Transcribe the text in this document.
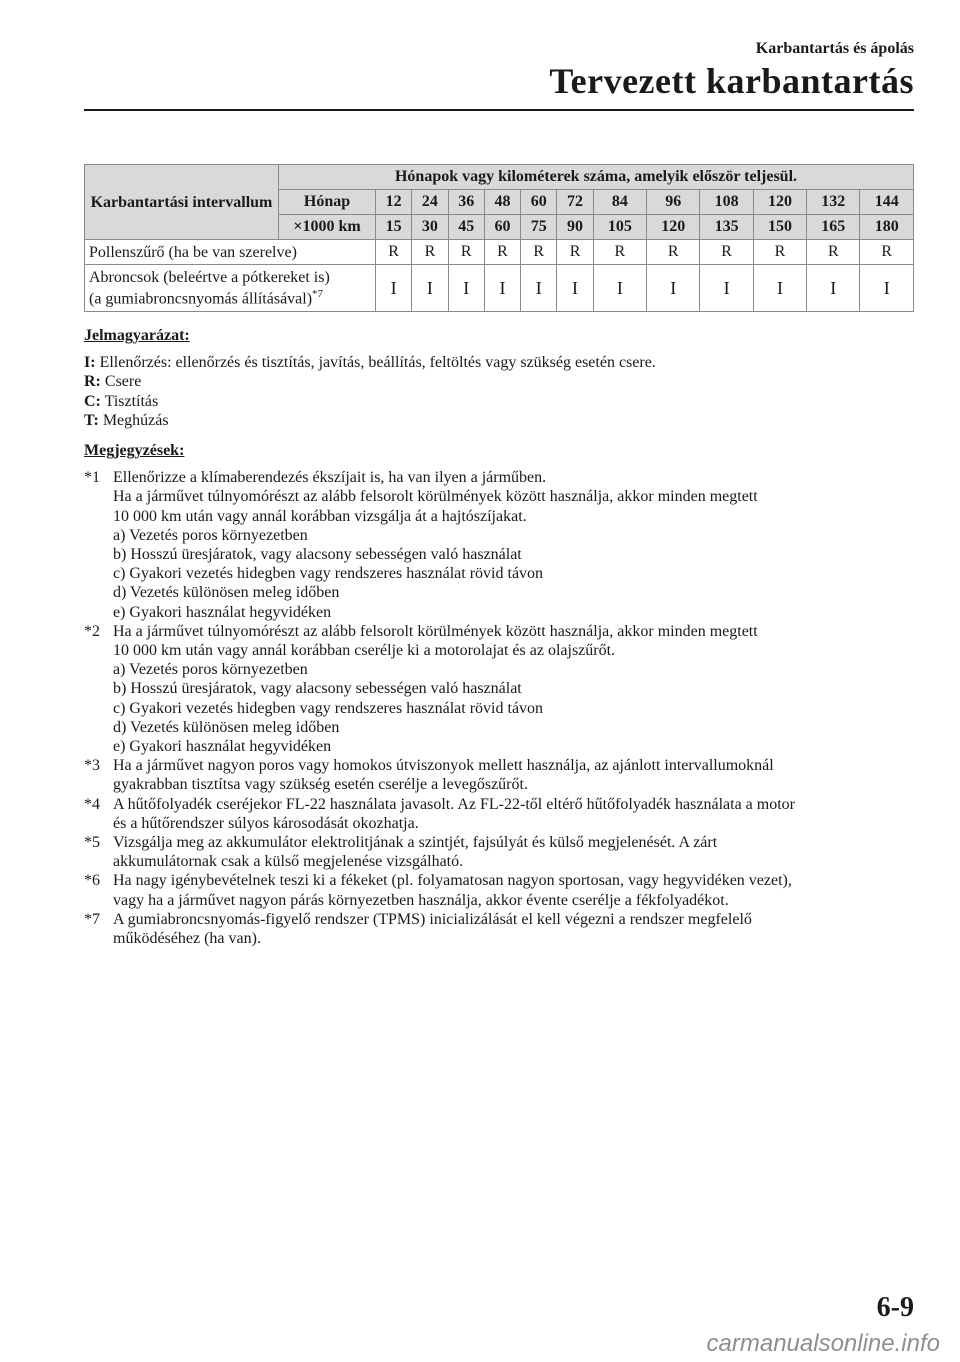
Karbantartás és ápolás
Tervezett karbantartás
Karbantartási intervallum	Hónapok vagy kilométerek száma, amelyik először teljesül.												
	Hónap	12	24	36	48	60	72	84	96	108	120	132	144
	×1000 km	15	30	45	60	75	90	105	120	135	150	165	180
Pollenszűrő (ha be van szerelve)		R	R	R	R	R	R	R	R	R	R	R	R
Abroncsok (beleértve a pótkereket is)
(a gumiabroncsnyomás állításával)$^{*7}$		I	I	I	I	I	I	I	I	I	I	I	I
Jelmagyarázat:

I: Ellenőrzés: ellenőrzés és tisztítás, javítás, beállítás, feltöltés vagy szükség esetén csere.

R: Csere

C: Tisztítás

T: Meghúzás

Megjegyzések:
*1 Ellenőrizze a klímaberendezés ékszíjait is, ha van ilyen a járműben.

Ha a járművet túlnyomórészt az alább felsorolt körülmények között használja, akkor minden megtett

10 000 km után vagy annál korábban vizsgálja át a hajtószíjakat.

a) Vezetés poros környezetben

b) Hosszú üresjáratok, vagy alacsony sebességen való használat

c) Gyakori vezetés hidegben vagy rendszeres használat rövid távon

d) Vezetés különösen meleg időben

e) Gyakori használat hegyvidéken

*2 Ha a járművet túlnyomórészt az alább felsorolt körülmények között használja, akkor minden megtett

10 000 km után vagy annál korábban cserélje ki a motorolajat és az olajszűrőt.

a) Vezetés poros környezetben

b) Hosszú üresjáratok, vagy alacsony sebességen való használat

c) Gyakori vezetés hidegben vagy rendszeres használat rövid távon

d) Vezetés különösen meleg időben

e) Gyakori használat hegyvidéken

*3 Ha a járművet nagyon poros vagy homokos útviszonyok mellett használja, az ajánlott intervallumoknál

gyakrabban tisztítsa vagy szükség esetén cserélje a levegőszűrőt.

*4 A hűtőfolyadék cseréjekor FL-22 használata javasolt. Az FL-22-től eltérő hűtőfolyadék használata a motor

és a hűtőrendszer súlyos károsodását okozhatja.

*5 Vizsgálja meg az akkumulátor elektrolitjának a szintjét, fajsúlyát és külső megjelenését. A zárt

akkumulátornak csak a külső megjelenése vizsgálható.

*6 Ha nagy igénybevételnek teszi ki a fékeket (pl. folyamatosan nagyon sportosan, vagy hegyvidéken vezet),

vagy ha a járművet nagyon párás környezetben használja, akkor évente cserélje a fékfolyadékot.

*7 A gumiabroncsnyomás-figyelő rendszer (TPMS) inicializálását el kell végezni a rendszer megfelelő

működéséhez (ha van).

6-9
carmanualsonline.info
